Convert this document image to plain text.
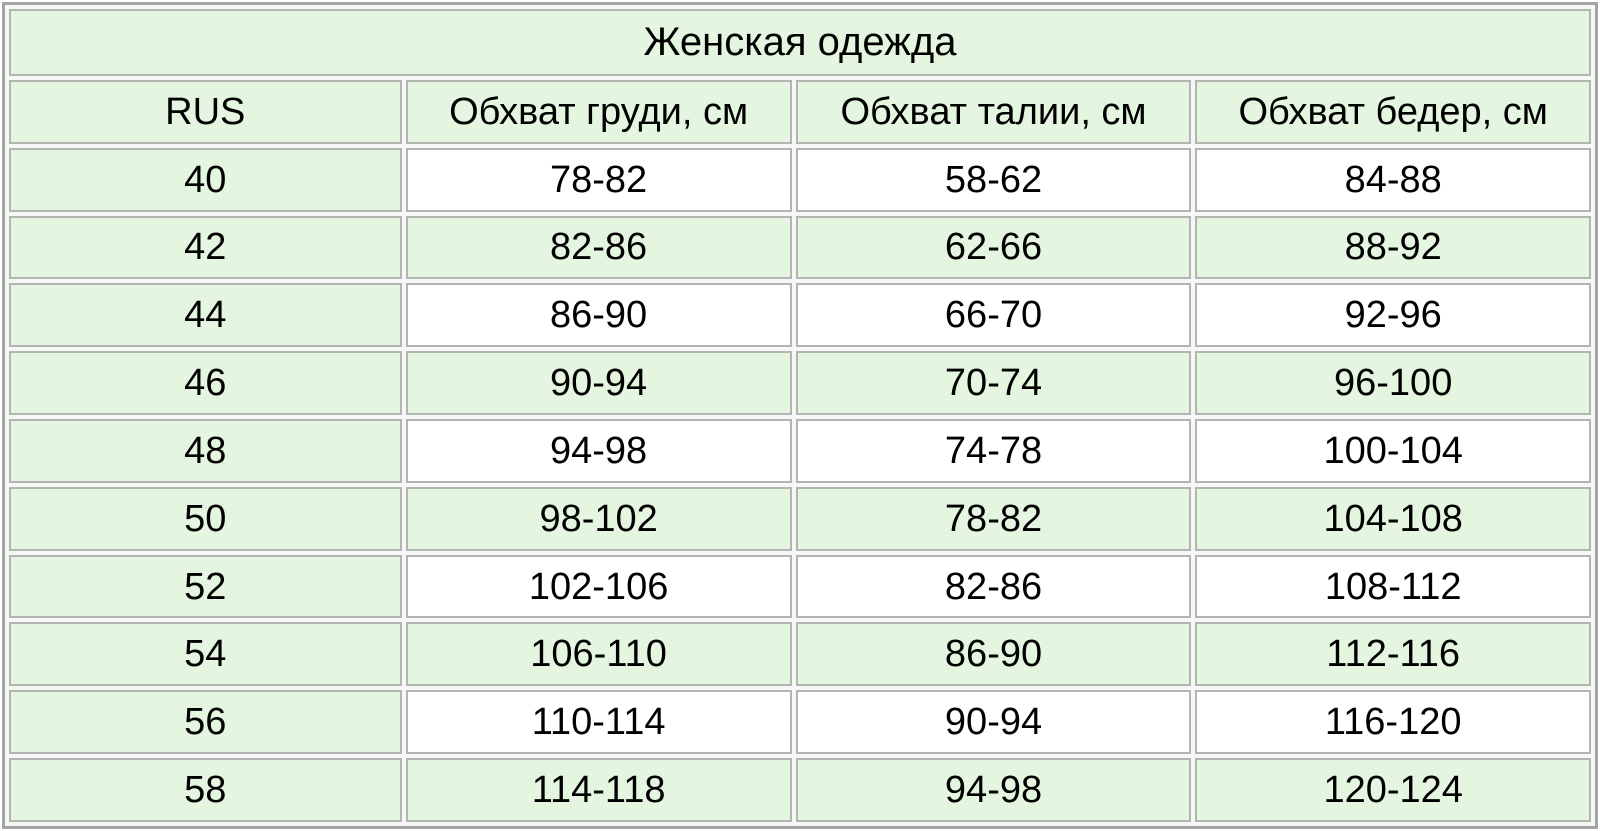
Женская одежда			
RUS	Обхват груди, см	Обхват талии, см	Обхват бедер, см
40	78-82	58-62	84-88
42	82-86	62-66	88-92
44	86-90	66-70	92-96
46	90-94	70-74	96-100
48	94-98	74-78	100-104
50	98-102	78-82	104-108
52	102-106	82-86	108-112
54	106-110	86-90	112-116
56	110-114	90-94	116-120
58	114-118	94-98	120-124
